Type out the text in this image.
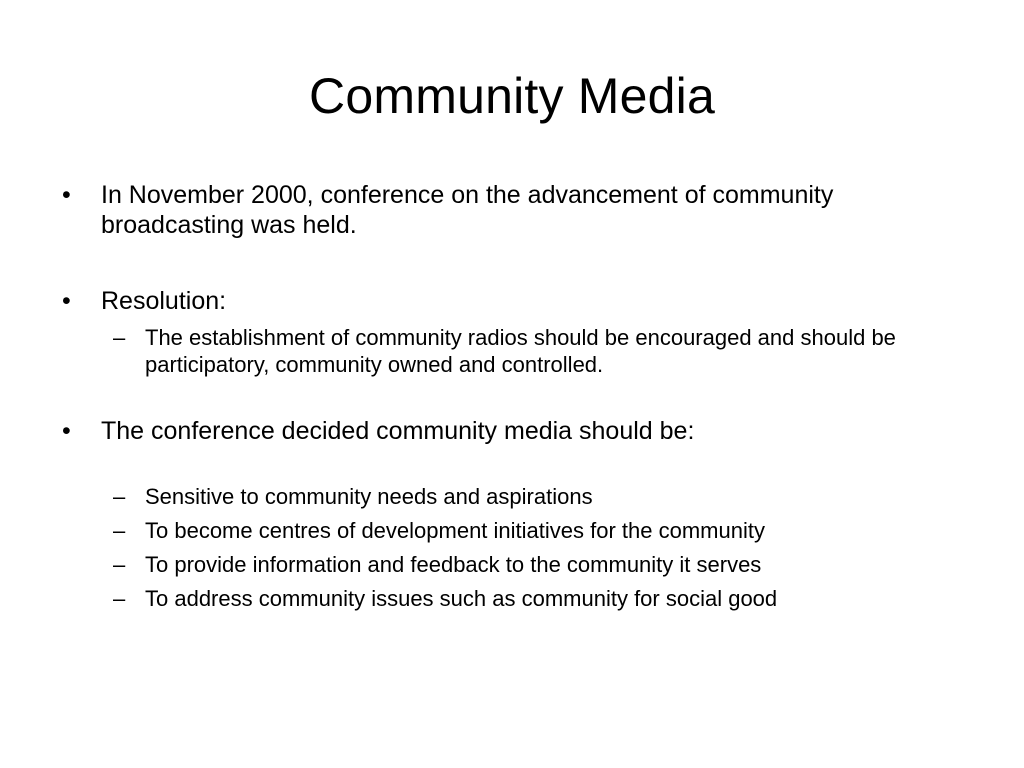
Community Media
•	In November 2000, conference on the advancement of community broadcasting was held.
•	Resolution:
– The establishment of community radios should be encouraged and should be participatory, community owned and controlled.
•	The conference decided community media should be:
– Sensitive to community needs and aspirations
– To become centres of development initiatives for the community
– To provide information and feedback to the community it serves
– To address community issues such as community for social good
